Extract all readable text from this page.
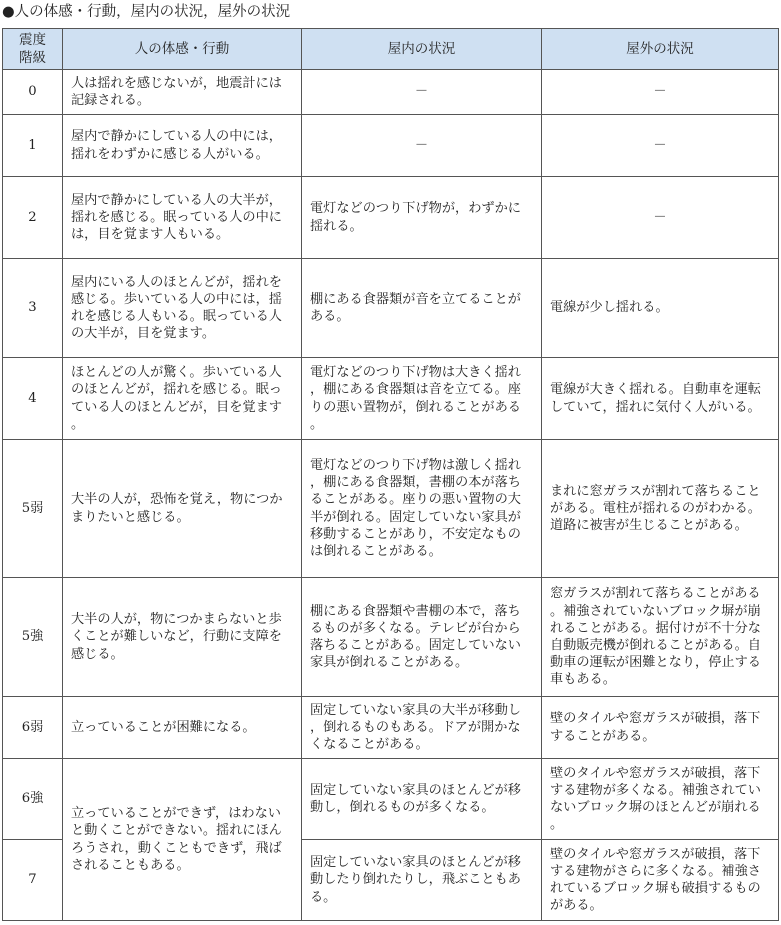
●人の体感・行動，屋内の状況，屋外の状況
震度
階級	人の体感・行動	屋内の状況	屋外の状況
0	人は揺れを感じないが，地震計には記録される。	－	－
1	屋内で静かにしている人の中には，揺れをわずかに感じる人がいる。	－	－
2	屋内で静かにしている人の大半が，揺れを感じる。眠っている人の中には，目を覚ます人もいる。	電灯などのつり下げ物が，わずかに揺れる。	－
3	屋内にいる人のほとんどが，揺れを感じる。歩いている人の中には，揺れを感じる人もいる。眠っている人の大半が，目を覚ます。	棚にある食器類が音を立てることがある。	電線が少し揺れる。
4	ほとんどの人が驚く。歩いている人のほとんどが，揺れを感じる。眠っている人のほとんどが，目を覚ます。	電灯などのつり下げ物は大きく揺れ，棚にある食器類は音を立てる。座りの悪い置物が，倒れることがある。	電線が大きく揺れる。自動車を運転していて，揺れに気付く人がいる。
5弱	大半の人が，恐怖を覚え，物につかまりたいと感じる。	電灯などのつり下げ物は激しく揺れ，棚にある食器類，書棚の本が落ちることがある。座りの悪い置物の大半が倒れる。固定していない家具が移動することがあり，不安定なものは倒れることがある。	まれに窓ガラスが割れて落ちることがある。電柱が揺れるのがわかる。道路に被害が生じることがある。
5強	大半の人が，物につかまらないと歩くことが難しいなど，行動に支障を感じる。	棚にある食器類や書棚の本で，落ちるものが多くなる。テレビが台から落ちることがある。固定していない家具が倒れることがある。	窓ガラスが割れて落ちることがある。補強されていないブロック塀が崩れることがある。据付けが不十分な自動販売機が倒れることがある。自動車の運転が困難となり，停止する車もある。
6弱	立っていることが困難になる。	固定していない家具の大半が移動し，倒れるものもある。ドアが開かなくなることがある。	壁のタイルや窓ガラスが破損，落下することがある。
6強	立っていることができず，はわないと動くことができない。揺れにほんろうされ，動くこともできず，飛ばされることもある。	固定していない家具のほとんどが移動し，倒れるものが多くなる。	壁のタイルや窓ガラスが破損，落下する建物が多くなる。補強されていないブロック塀のほとんどが崩れる。
7		固定していない家具のほとんどが移動したり倒れたりし，飛ぶこともある。	壁のタイルや窓ガラスが破損，落下する建物がさらに多くなる。補強されているブロック塀も破損するものがある。
